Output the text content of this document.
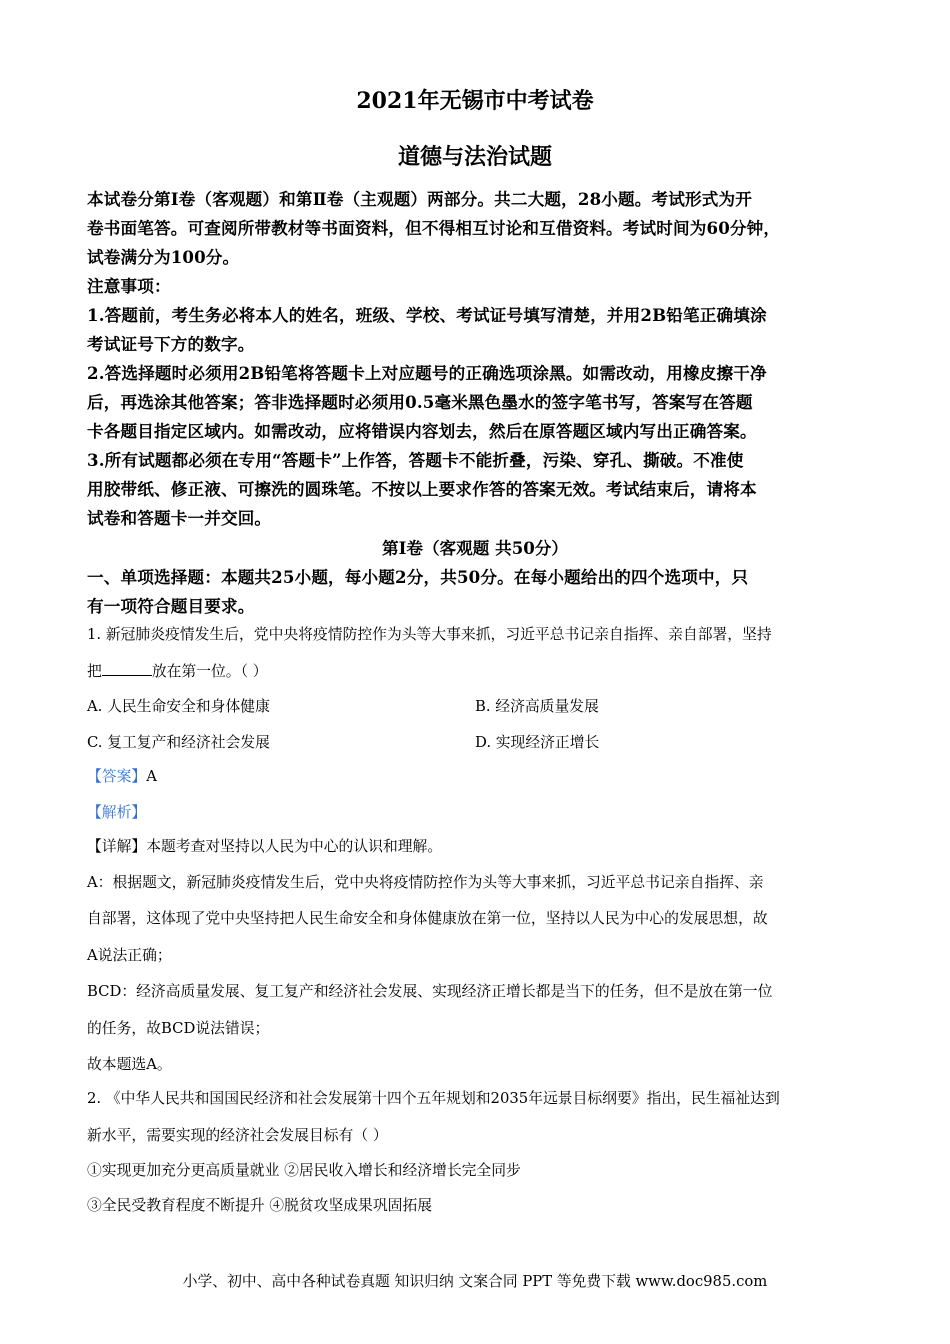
2021年无锡市中考试卷
道德与法治试题
本试卷分第Ⅰ卷（客观题）和第Ⅱ卷（主观题）两部分。共二大题，28小题。考试形式为开
卷书面笔答。可查阅所带教材等书面资料，但不得相互讨论和互借资料。考试时间为60分钟，
试卷满分为100分。
注意事项：
1.答题前，考生务必将本人的姓名，班级、学校、考试证号填写清楚，并用2B铅笔正确填涂
考试证号下方的数字。
2.答选择题时必须用2B铅笔将答题卡上对应题号的正确选项涂黑。如需改动，用橡皮擦干净
后，再选涂其他答案；答非选择题时必须用0.5毫米黑色墨水的签字笔书写，答案写在答题
卡各题目指定区域内。如需改动，应将错误内容划去，然后在原答题区域内写出正确答案。
3.所有试题都必须在专用“答题卡”上作答，答题卡不能折叠，污染、穿孔、撕破。不准使
用胶带纸、修正液、可擦洗的圆珠笔。不按以上要求作答的答案无效。考试结束后，请将本
试卷和答题卡一并交回。
第Ⅰ卷（客观题 共50分）
一、单项选择题：本题共25小题，每小题2分，共50分。在每小题给出的四个选项中，只
有一项符合题目要求。
1. 新冠肺炎疫情发生后，党中央将疫情防控作为头等大事来抓，习近平总书记亲自指挥、亲自部署，坚持
把	放在第一位。（ ）
A. 人民生命安全和身体健康	B. 经济高质量发展
C. 复工复产和经济社会发展	D. 实现经济正增长
【答案】A
【解析】
【详解】本题考查对坚持以人民为中心的认识和理解。
A：根据题文，新冠肺炎疫情发生后，党中央将疫情防控作为头等大事来抓，习近平总书记亲自指挥、亲
自部署，这体现了党中央坚持把人民生命安全和身体健康放在第一位，坚持以人民为中心的发展思想，故
A说法正确；
BCD：经济高质量发展、复工复产和经济社会发展、实现经济正增长都是当下的任务，但不是放在第一位
的任务，故BCD说法错误；
故本题选A。
2. 《中华人民共和国国民经济和社会发展第十四个五年规划和2035年远景目标纲要》指出，民生福祉达到
新水平，需要实现的经济社会发展目标有（ ）
①实现更加充分更高质量就业 ②居民收入增长和经济增长完全同步
③全民受教育程度不断提升 ④脱贫攻坚成果巩固拓展
小学、初中、高中各种试卷真题 知识归纳 文案合同 PPT 等免费下载 www.doc985.com
